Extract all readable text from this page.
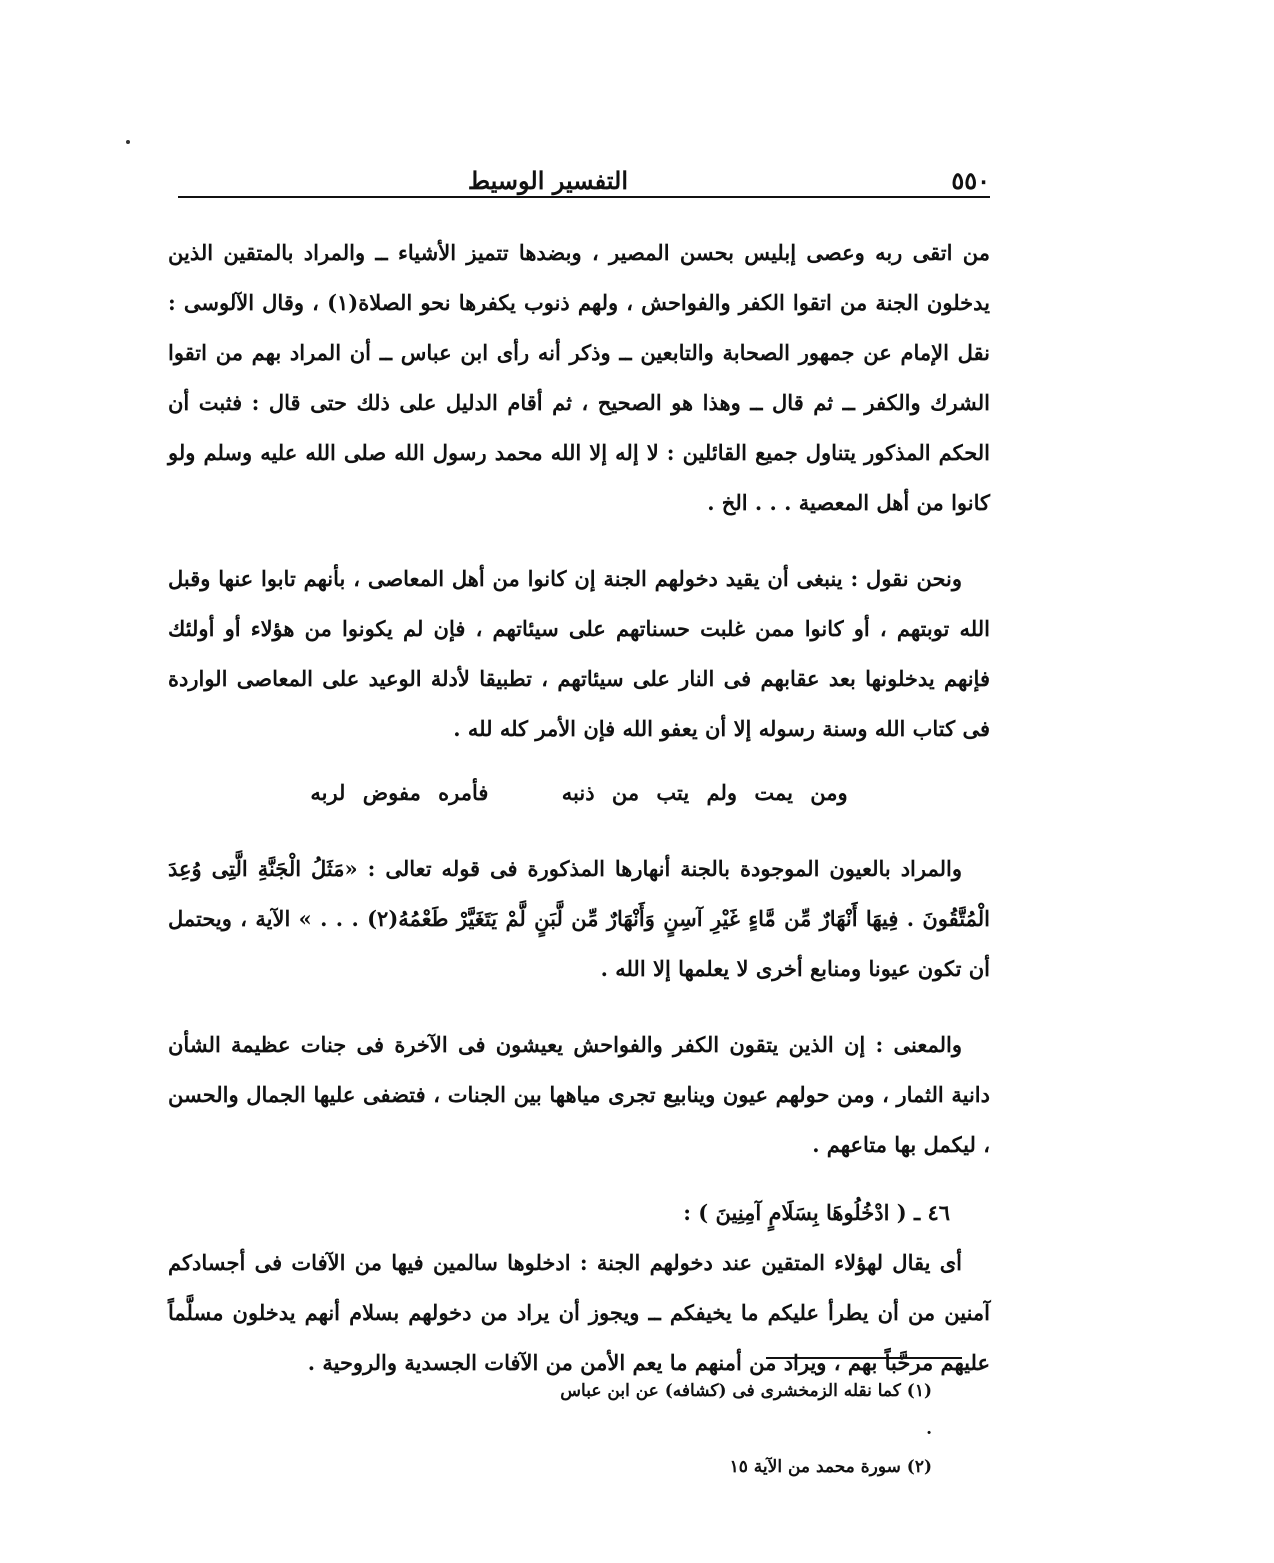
٥٥٠
التفسير الوسيط

من اتقى ربه وعصى إبليس بحسن المصير ، وبضدها تتميز الأشياء ــ والمراد بالمتقين الذين يدخلون الجنة من اتقوا الكفر والفواحش ، ولهم ذنوب يكفرها نحو الصلاة(١) ، وقال الآلوسى : نقل الإمام عن جمهور الصحابة والتابعين ــ وذكر أنه رأى ابن عباس ــ أن المراد بهم من اتقوا الشرك والكفر ــ ثم قال ــ وهذا هو الصحيح ، ثم أقام الدليل على ذلك حتى قال : فثبت أن الحكم المذكور يتناول جميع القائلين : لا إله إلا الله محمد رسول الله صلى الله عليه وسلم ولو كانوا من أهل المعصية . . . الخ .

ونحن نقول : ينبغى أن يقيد دخولهم الجنة إن كانوا من أهل المعاصى ، بأنهم تابوا عنها وقبل الله توبتهم ، أو كانوا ممن غلبت حسناتهم على سيئاتهم ، فإن لم يكونوا من هؤلاء أو أولئك فإنهم يدخلونها بعد عقابهم فى النار على سيئاتهم ، تطبيقا لأدلة الوعيد على المعاصى الواردة فى كتاب الله وسنة رسوله إلا أن يعفو الله فإن الأمر كله لله .

ومن يمت ولم يتب من ذنبه فأمره مفوض لربه

والمراد بالعيون الموجودة بالجنة أنهارها المذكورة فى قوله تعالى : «مَثَلُ الْجَنَّةِ الَّتِى وُعِدَ الْمُتَّقُونَ . فِيهَا أَنْهَارٌ مِّن مَّاءٍ غَيْرِ آسِنٍ وَأَنْهَارٌ مِّن لَّبَنٍ لَّمْ يَتَغَيَّرْ طَعْمُهُ(٢) . . . » الآية ، ويحتمل أن تكون عيونا ومنابع أخرى لا يعلمها إلا الله .

والمعنى : إن الذين يتقون الكفر والفواحش يعيشون فى الآخرة فى جنات عظيمة الشأن دانية الثمار ، ومن حولهم عيون وينابيع تجرى مياهها بين الجنات ، فتضفى عليها الجمال والحسن ، ليكمل بها متاعهم .

٤٦ ـ ( ادْخُلُوهَا بِسَلَامٍ آمِنِينَ ) :

أى يقال لهؤلاء المتقين عند دخولهم الجنة : ادخلوها سالمين فيها من الآفات فى أجسادكم آمنين من أن يطرأ عليكم ما يخيفكم ــ ويجوز أن يراد من دخولهم بسلام أنهم يدخلون مسلَّماً عليهم مرحَّباً بهم ، ويراد من أمنهم ما يعم الأمن من الآفات الجسدية والروحية .

(١) كما نقله الزمخشرى فى (كشافه) عن ابن عباس .

(٢) سورة محمد من الآية ١٥
